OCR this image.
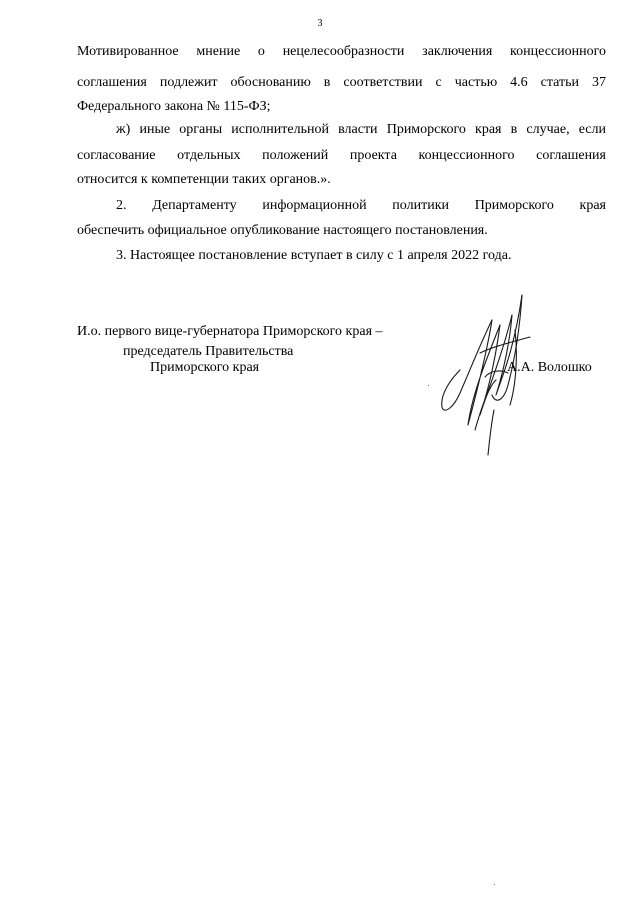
3
Мотивированное мнение о нецелесообразности заключения концессионного
соглашения подлежит обоснованию в соответствии с частью 4.6 статьи 37
Федерального закона № 115-ФЗ;
ж) иные органы исполнительной власти Приморского края в случае, если
согласование отдельных положений проекта концессионного соглашения
относится к компетенции таких органов.».
2. Департаменту информационной политики Приморского края
обеспечить официальное опубликование настоящего постановления.
3. Настоящее постановление вступает в силу с 1 апреля 2022 года.
И.о. первого вице-губернатора Приморского края –
председатель Правительства
Приморского края	А.А. Волошко
